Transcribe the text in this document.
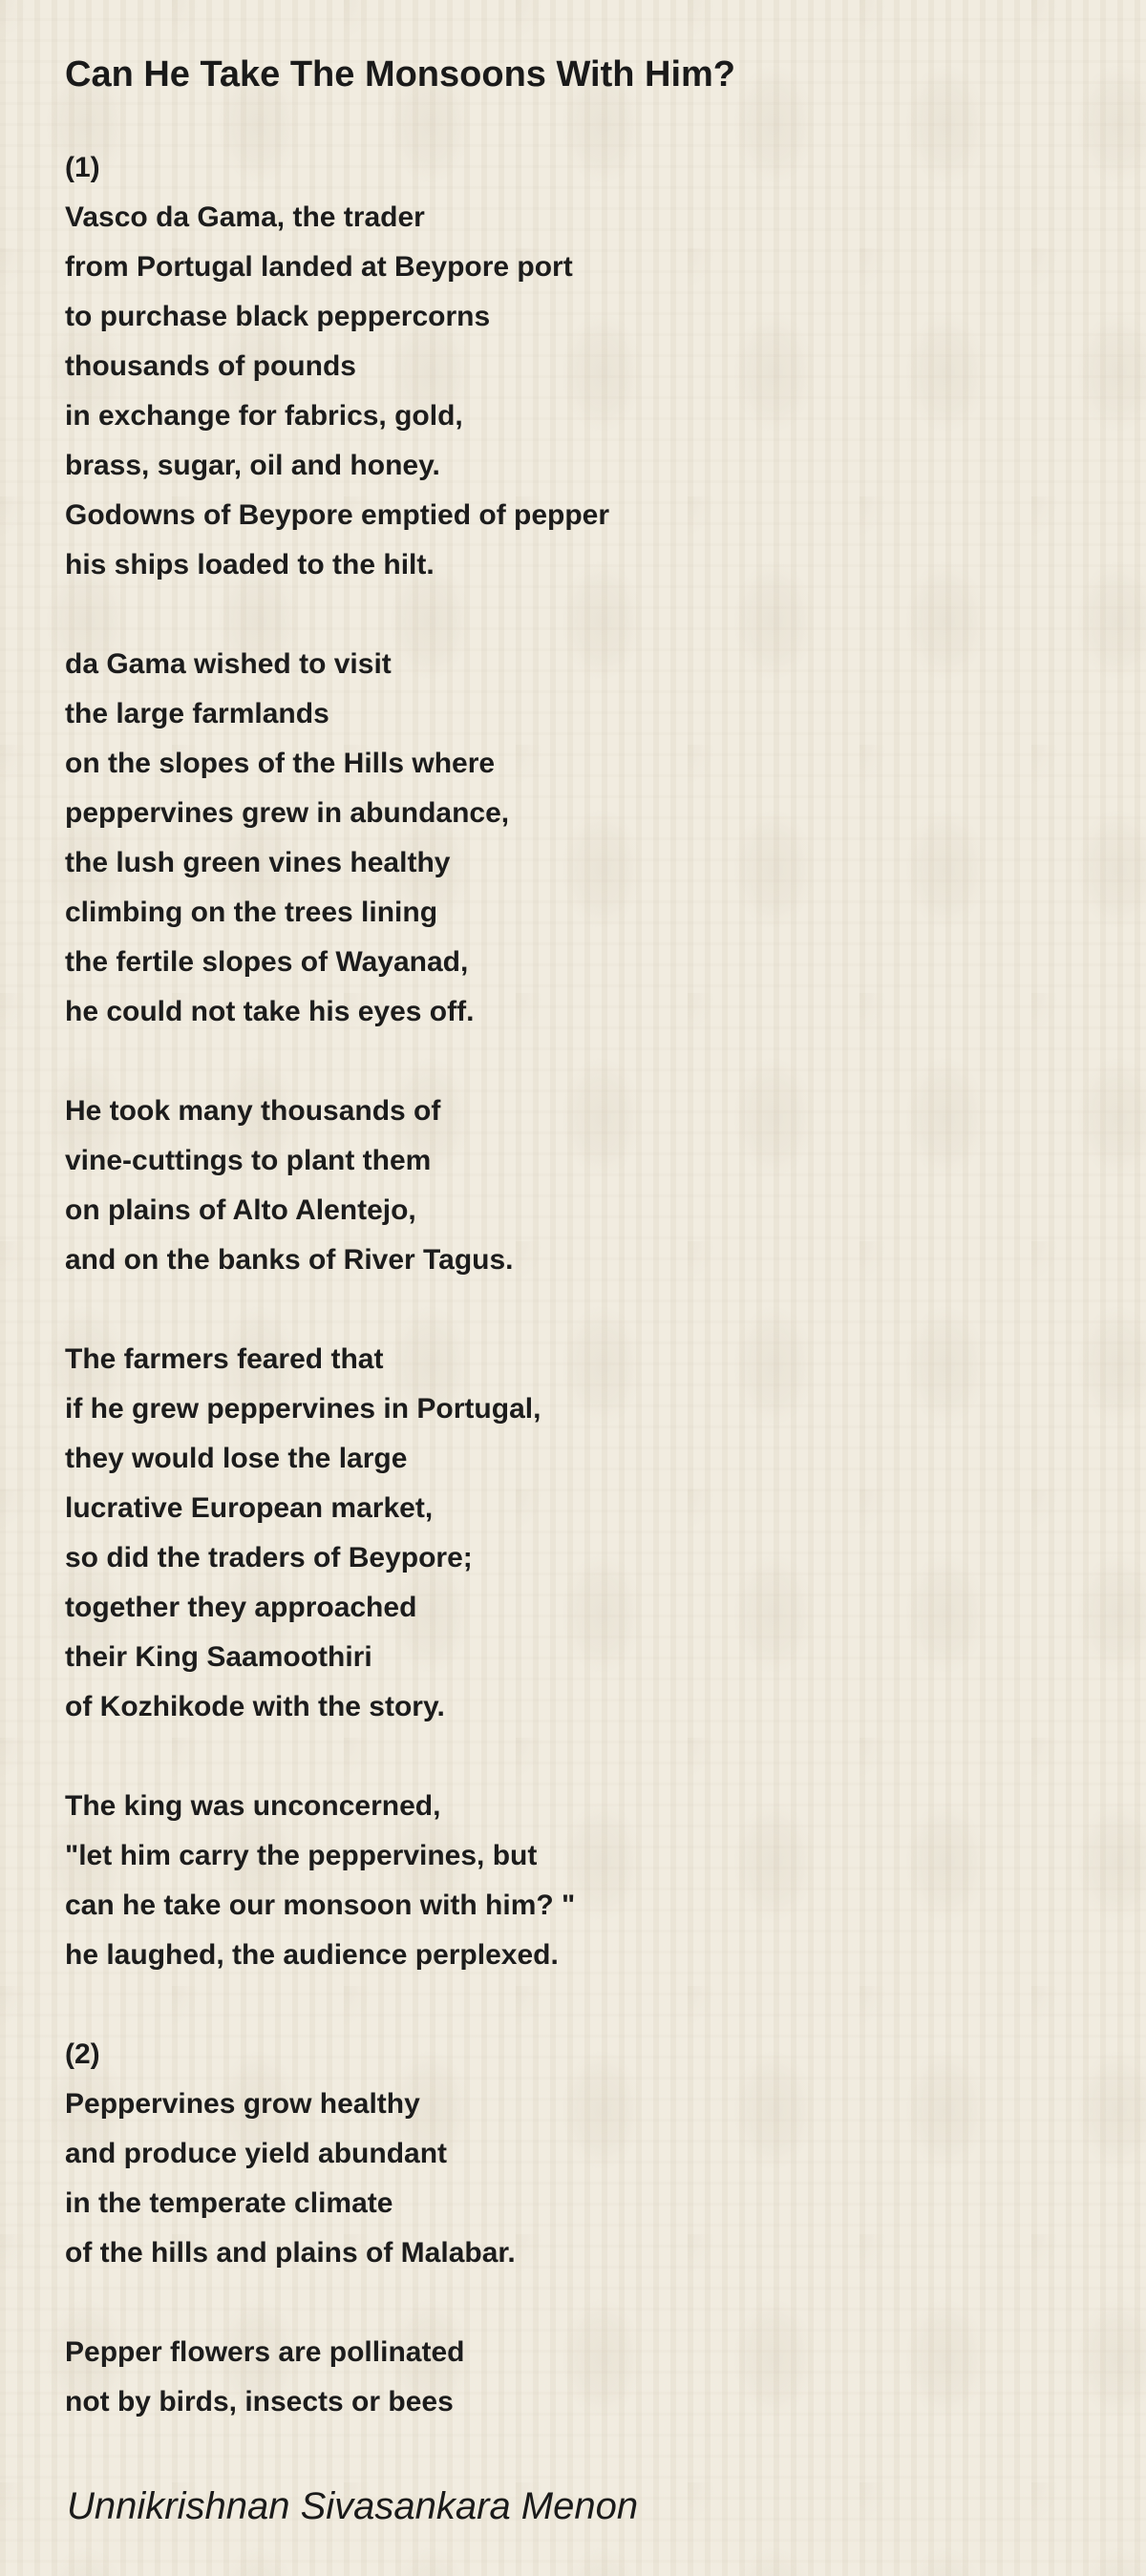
Can He Take The Monsoons With Him?
(1)
Vasco da Gama, the trader
from Portugal landed at Beypore port
to purchase black peppercorns
thousands of pounds
in exchange for fabrics, gold,
brass, sugar, oil and honey.
Godowns of Beypore emptied of pepper
his ships loaded to the hilt.
da Gama wished to visit
the large farmlands
on the slopes of the Hills where
peppervines grew in abundance,
the lush green vines healthy
climbing on the trees lining
the fertile slopes of Wayanad,
he could not take his eyes off.
He took many thousands of
vine-cuttings to plant them
on plains of Alto Alentejo,
and on the banks of River Tagus.
The farmers feared that
if he grew peppervines in Portugal,
they would lose the large
lucrative European market,
so did the traders of Beypore;
together they approached
their King Saamoothiri
of Kozhikode with the story.
The king was unconcerned,
"let him carry the peppervines, but
can he take our monsoon with him? "
he laughed, the audience perplexed.
(2)
Peppervines grow healthy
and produce yield abundant
in the temperate climate
of the hills and plains of Malabar.
Pepper flowers are pollinated
not by birds, insects or bees

Unnikrishnan Sivasankara Menon
